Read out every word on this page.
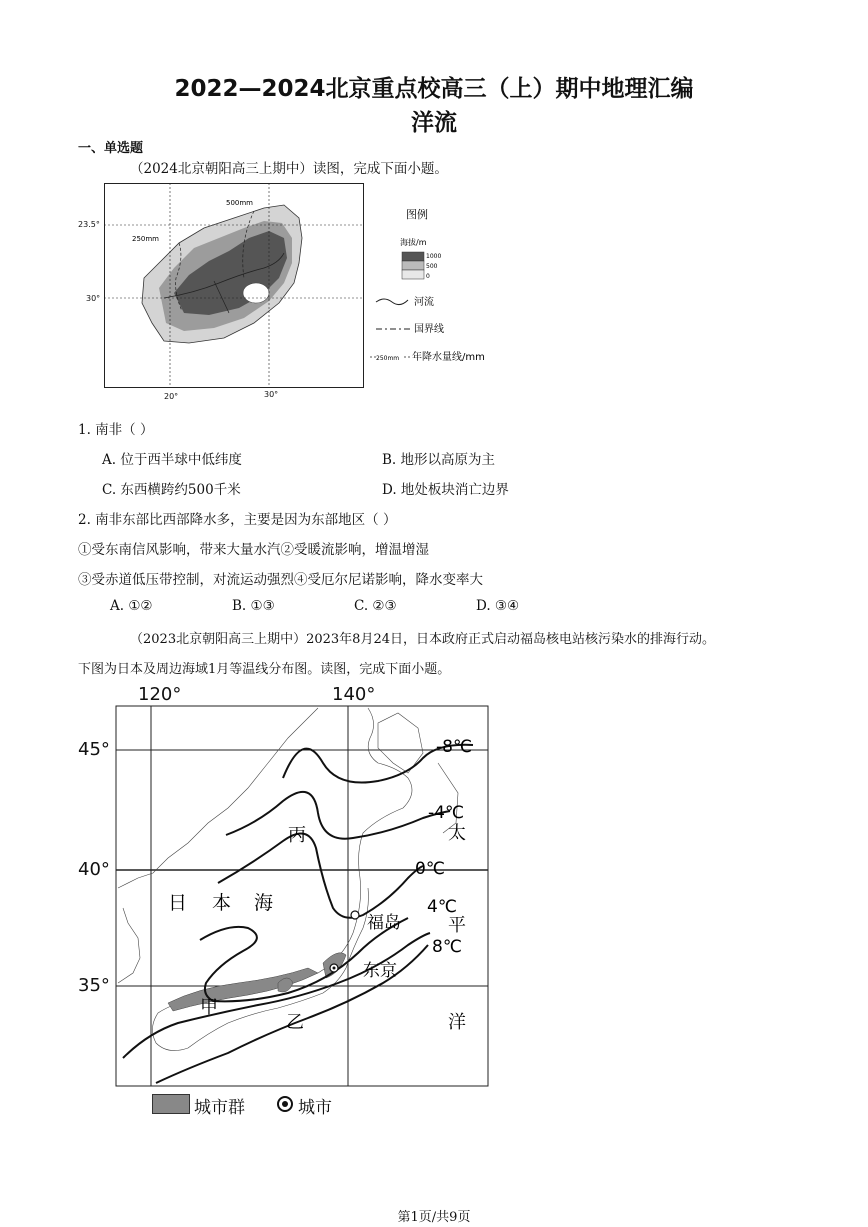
2022—2024北京重点校高三（上）期中地理汇编
洋流
一、单选题
（2024北京朝阳高三上期中）读图，完成下面小题。
500mm
250mm
23.5°
30°
20°	30°
图例
海拔/m
1000
500
0
河流
国界线
250mm 年降水量线/mm
1. 南非（ ）
A. 位于西半球中低纬度	B. 地形以高原为主
C. 东西横跨约500千米	D. 地处板块消亡边界
2. 南非东部比西部降水多，主要是因为东部地区（ ）
①受东南信风影响，带来大量水汽②受暖流影响，增温增湿
③受赤道低压带控制，对流运动强烈④受厄尔尼诺影响，降水变率大
A. ①②	B. ①③	C. ②③	D. ③④
（2023北京朝阳高三上期中）2023年8月24日，日本政府正式启动福岛核电站核污染水的排海行动。
下图为日本及周边海域1月等温线分布图。读图，完成下面小题。
-8℃
-4℃
0℃
4℃
8℃
丙
甲
乙
日 本 海
福岛
东京
太
平
洋
120°	140°
45°
40°
35°
城市群	城市
第1页/共9页
